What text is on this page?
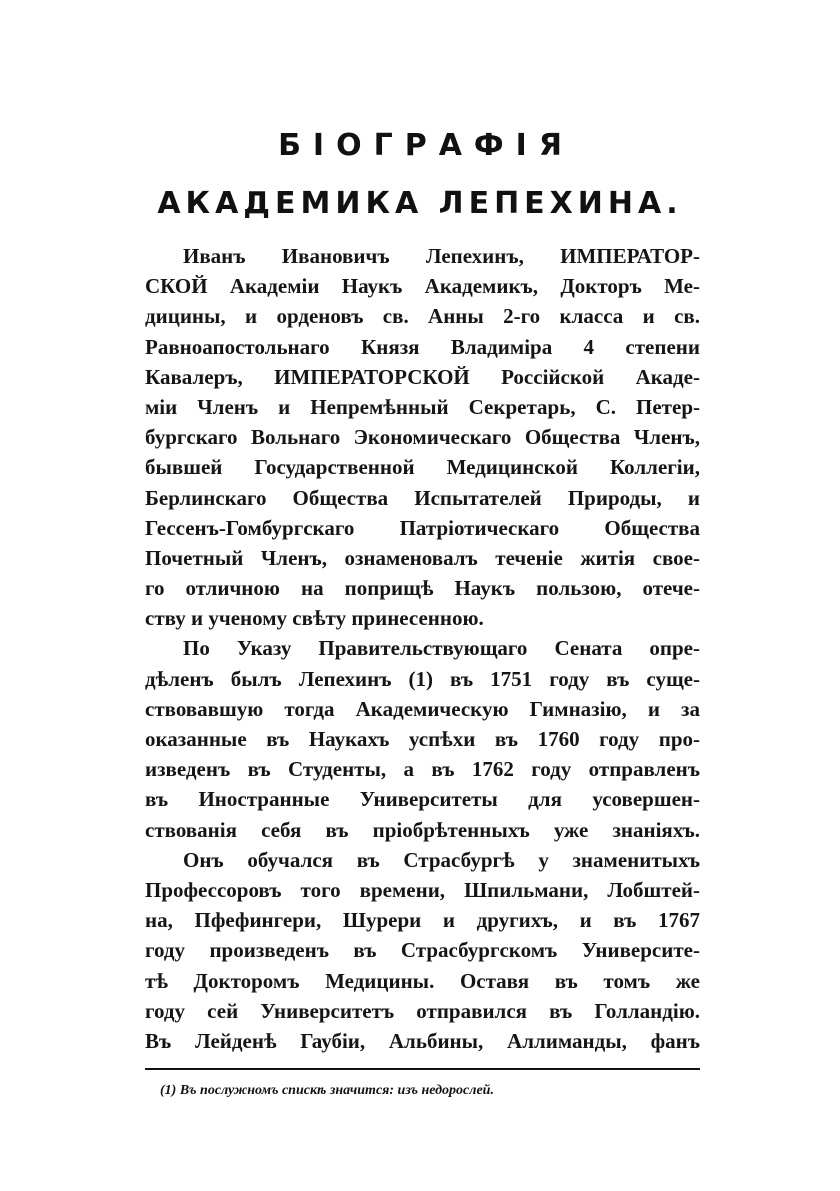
БІОГРАФІЯ
АКАДЕМИКА ЛЕПЕХИНА.
Иванъ Ивановичъ Лепехинъ, ИМПЕРАТОР-
СКОЙ Академіи Наукъ Академикъ, Докторъ Ме-
дицины, и орденовъ св. Анны 2-го класса и св.
Равноапостольнаго Князя Владиміра 4 степени
Кавалеръ, ИМПЕРАТОРСКОЙ Россійской Акаде-
міи Членъ и Непремѣнный Секретарь, С. Петер-
бургскаго Вольнаго Экономическаго Общества Членъ,
бывшей Государственной Медицинской Коллегіи,
Берлинскаго Общества Испытателей Природы, и
Гессенъ-Гомбургскаго Патріотическаго Общества
Почетный Членъ, ознаменовалъ теченіе житія свое-
го отличною на поприщѣ Наукъ пользою, отече-
ству и ученому свѣту принесенною.
По Указу Правительствующаго Сената опре-
дѣленъ былъ Лепехинъ (1) въ 1751 году въ суще-
ствовавшую тогда Академическую Гимназію, и за
оказанные въ Наукахъ успѣхи въ 1760 году про-
изведенъ въ Студенты, а въ 1762 году отправленъ
въ Иностранные Университеты для усовершен-
ствованія себя въ пріобрѣтенныхъ уже знаніяхъ.
Онъ обучался въ Страсбургѣ у знаменитыхъ
Профессоровъ того времени, Шпильмани, Лобштей-
на, Пфефингери, Шурери и другихъ, и въ 1767
году произведенъ въ Страсбургскомъ Университе-
тѣ Докторомъ Медицины. Оставя въ томъ же
году сей Университетъ отправился въ Голландію.
Въ Лейденѣ Гаубіи, Альбины, Аллиманды, фанъ
(1) Въ послужномъ спискѣ значится: изъ недорослей.
